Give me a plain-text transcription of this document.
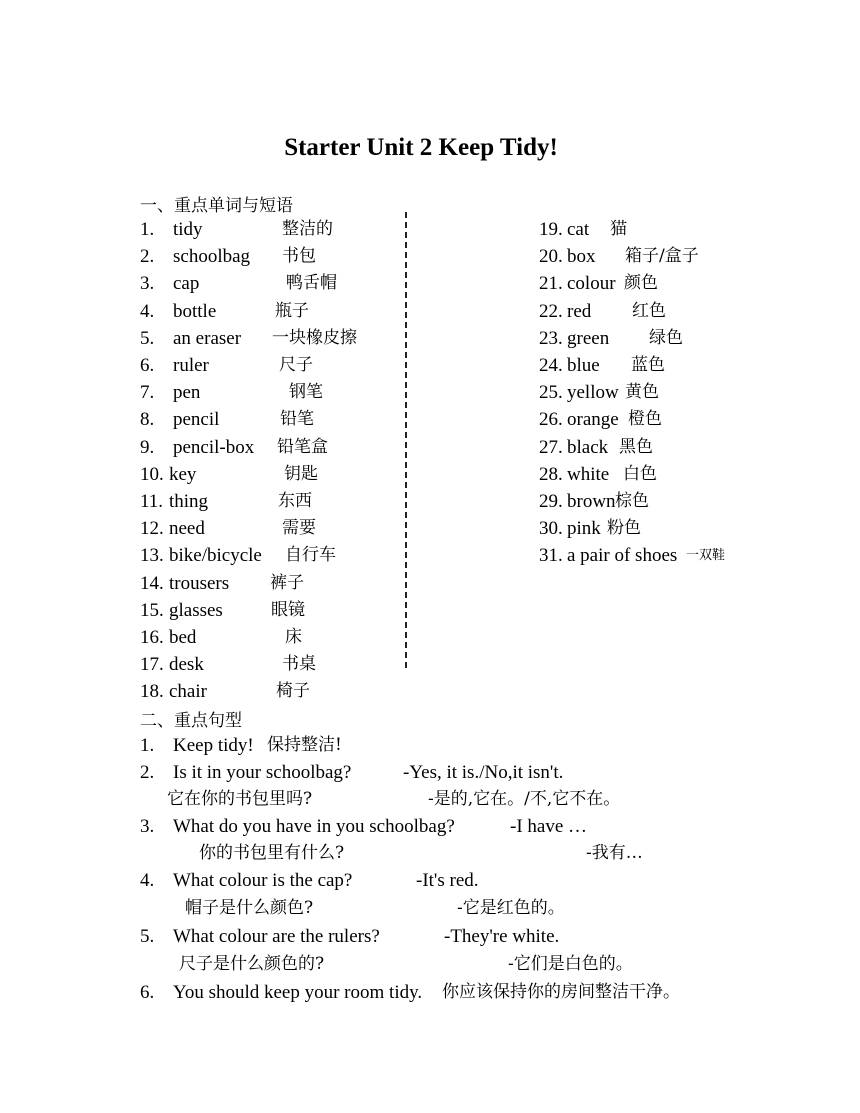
Starter Unit 2 Keep Tidy!
一、重点单词与短语
1. tidy	整洁的
2. schoolbag 书包
3. cap	鸭舌帽
4. bottle	瓶子
5. an eraser 一块橡皮擦
6. ruler	尺子
7. pen	钢笔
8. pencil	铅笔
9. pencil-box 铅笔盒
10. key	钥匙
11. thing	东西
12. need	需要
13. bike/bicycle 自行车
14. trousers 裤子
15. glasses	眼镜
16. bed	床
17. desk	书桌
18. chair	椅子
19. cat 猫
20. box 箱子/盒子
21. colour 颜色
22. red 红色
23. green 绿色
24. blue 蓝色
25. yellow 黄色
26. orange 橙色
27. black 黑色
28. white 白色
29. brown 棕色
30. pink 粉色
31. a pair of shoes 一双鞋
二、重点句型
1. Keep tidy! 保持整洁!
2. Is it in your schoolbag?	-Yes, it is./No,it isn't.
它在你的书包里吗?	-是的,它在。/不,它不在。
3. What do you have in you schoolbag?	-I have …
你的书包里有什么?	-我有…
4. What colour is the cap?	-It's red.
帽子是什么颜色?	-它是红色的。
5. What colour are the rulers?	-They're white.
尺子是什么颜色的?	-它们是白色的。
6. You should keep your room tidy. 你应该保持你的房间整洁干净。
